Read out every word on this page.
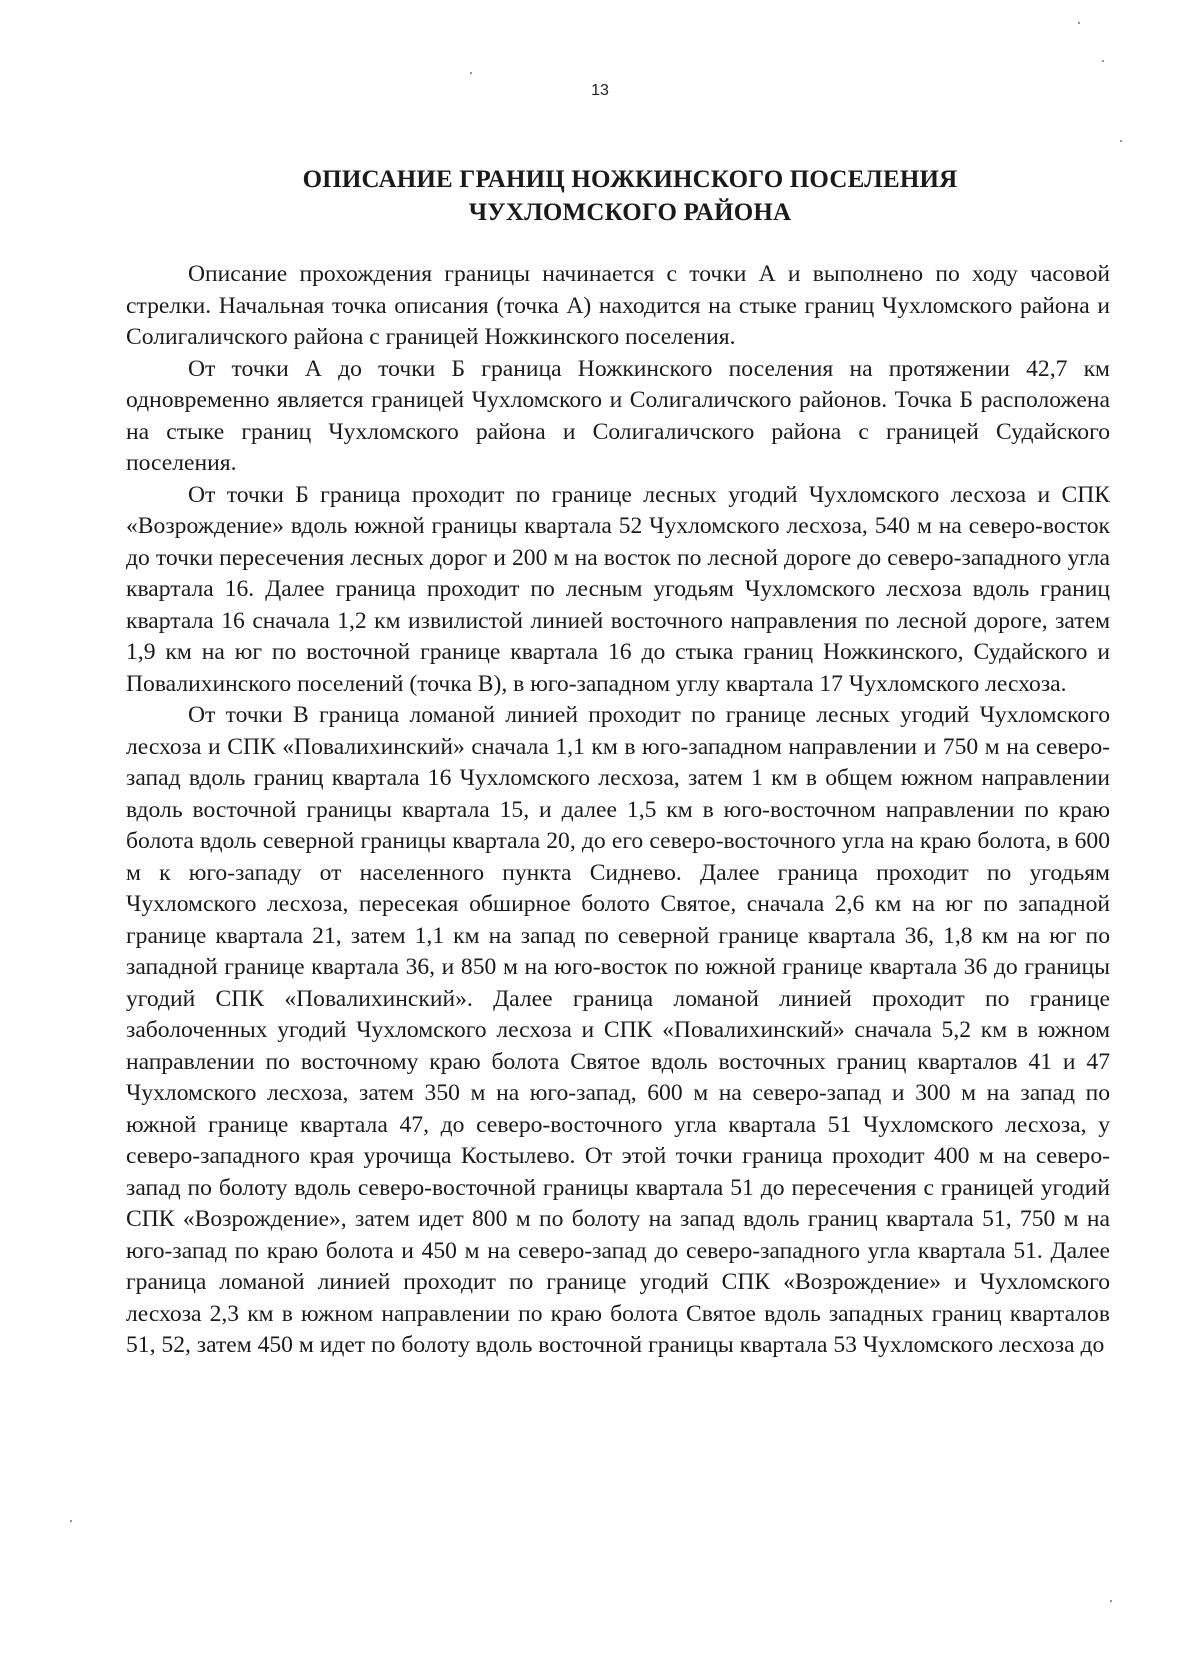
13
ОПИСАНИЕ ГРАНИЦ НОЖКИНСКОГО ПОСЕЛЕНИЯ
ЧУХЛОМСКОГО РАЙОНА

Описание прохождения границы начинается с точки А и выполнено по ходу часовой стрелки. Начальная точка описания (точка А) находится на стыке границ Чухломского района и Солигаличского района с границей Ножкинского поселения.

От точки А до точки Б граница Ножкинского поселения на протяжении 42,7 км одновременно является границей Чухломского и Солигаличского районов. Точка Б расположена на стыке границ Чухломского района и Солигаличского района с границей Судайского поселения.

От точки Б граница проходит по границе лесных угодий Чухломского лесхоза и СПК «Возрождение» вдоль южной границы квартала 52 Чухломского лесхоза, 540 м на северо-восток до точки пересечения лесных дорог и 200 м на восток по лесной дороге до северо-западного угла квартала 16. Далее граница проходит по лесным угодьям Чухломского лесхоза вдоль границ квартала 16 сначала 1,2 км извилистой линией восточного направления по лесной дороге, затем 1,9 км на юг по восточной границе квартала 16 до стыка границ Ножкинского, Судайского и Повалихинского поселений (точка В), в юго-западном углу квартала 17 Чухломского лесхоза.

От точки В граница ломаной линией проходит по границе лесных угодий Чухломского лесхоза и СПК «Повалихинский» сначала 1,1 км в юго-западном направлении и 750 м на северо-запад вдоль границ квартала 16 Чухломского лесхоза, затем 1 км в общем южном направлении вдоль восточной границы квартала 15, и далее 1,5 км в юго-восточном направлении по краю болота вдоль северной границы квартала 20, до его северо-восточного угла на краю болота, в 600 м к юго-западу от населенного пункта Сиднево. Далее граница проходит по угодьям Чухломского лесхоза, пересекая обширное болото Святое, сначала 2,6 км на юг по западной границе квартала 21, затем 1,1 км на запад по северной границе квартала 36, 1,8 км на юг по западной границе квартала 36, и 850 м на юго-восток по южной границе квартала 36 до границы угодий СПК «Повалихинский». Далее граница ломаной линией проходит по границе заболоченных угодий Чухломского лесхоза и СПК «Повалихинский» сначала 5,2 км в южном направлении по восточному краю болота Святое вдоль восточных границ кварталов 41 и 47 Чухломского лесхоза, затем 350 м на юго-запад, 600 м на северо-запад и 300 м на запад по южной границе квартала 47, до северо-восточного угла квартала 51 Чухломского лесхоза, у северо-западного края урочища Костылево. От этой точки граница проходит 400 м на северо-запад по болоту вдоль северо-восточной границы квартала 51 до пересечения с границей угодий СПК «Возрождение», затем идет 800 м по болоту на запад вдоль границ квартала 51, 750 м на юго-запад по краю болота и 450 м на северо-запад до северо-западного угла квартала 51. Далее граница ломаной линией проходит по границе угодий СПК «Возрождение» и Чухломского лесхоза 2,3 км в южном направлении по краю болота Святое вдоль западных границ кварталов 51, 52, затем 450 м идет по болоту вдоль восточной границы квартала 53 Чухломского лесхоза до
